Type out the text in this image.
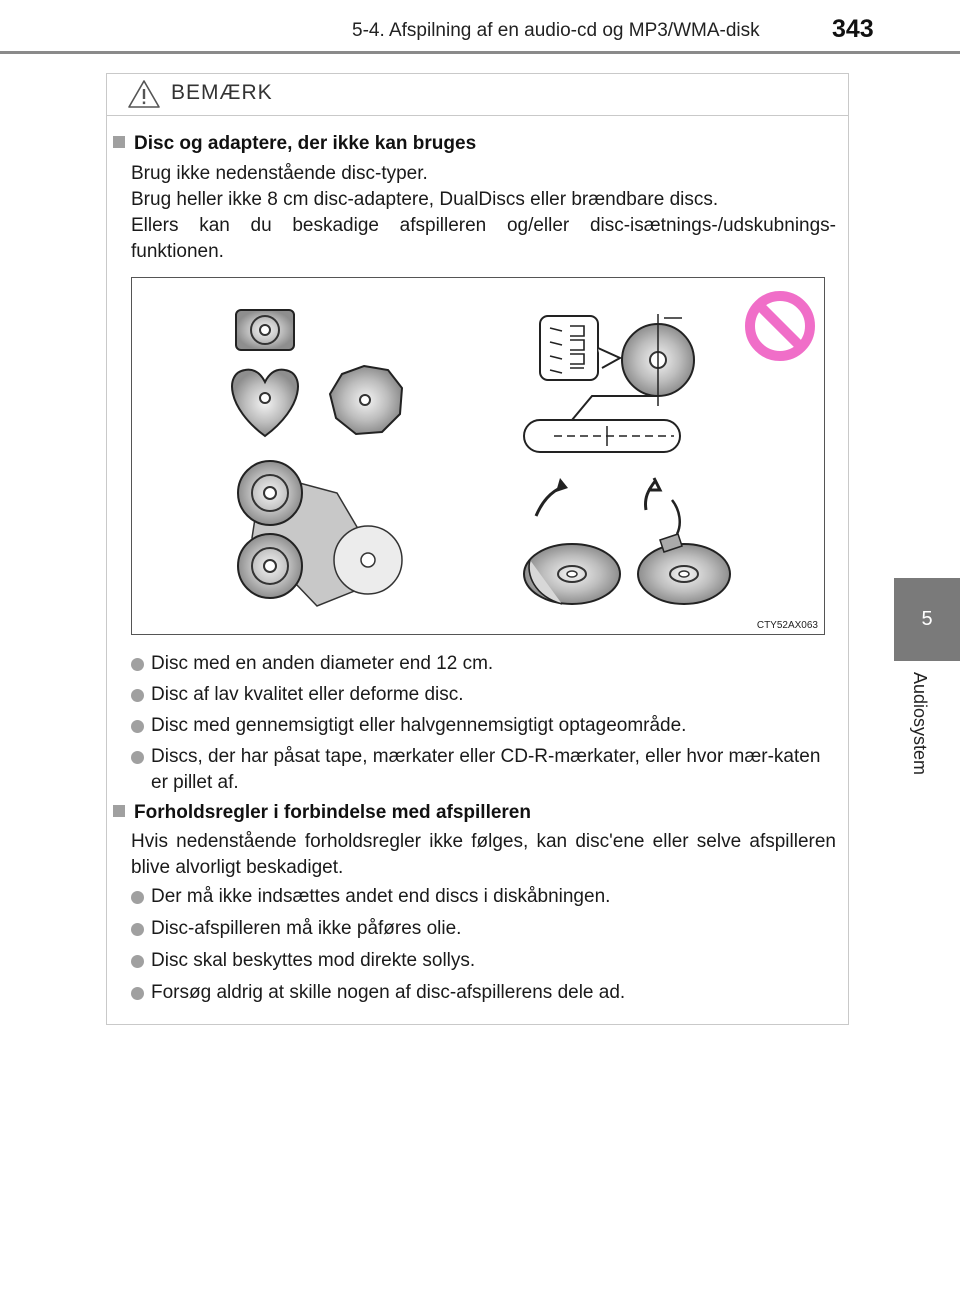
5-4. Afspilning af en audio-cd og MP3/WMA-disk	343
5
Audiosystem
BEMÆRK
Disc og adaptere, der ikke kan bruges
Brug ikke nedenstående disc-typer.
Brug heller ikke 8 cm disc-adaptere, DualDiscs eller brændbare discs.
Ellers kan du beskadige afspilleren og/eller disc-isætnings-/udskubnings-funktionen.
CTY52AX063
Disc med en anden diameter end 12 cm.
Disc af lav kvalitet eller deforme disc.
Disc med gennemsigtigt eller halvgennemsigtigt optageområde.
Discs, der har påsat tape, mærkater eller CD-R-mærkater, eller hvor mær-katen er pillet af.
Forholdsregler i forbindelse med afspilleren
Hvis nedenstående forholdsregler ikke følges, kan disc'ene eller selve afspilleren blive alvorligt beskadiget.
Der må ikke indsættes andet end discs i diskåbningen.
Disc-afspilleren må ikke påføres olie.
Disc skal beskyttes mod direkte sollys.
Forsøg aldrig at skille nogen af disc-afspillerens dele ad.
